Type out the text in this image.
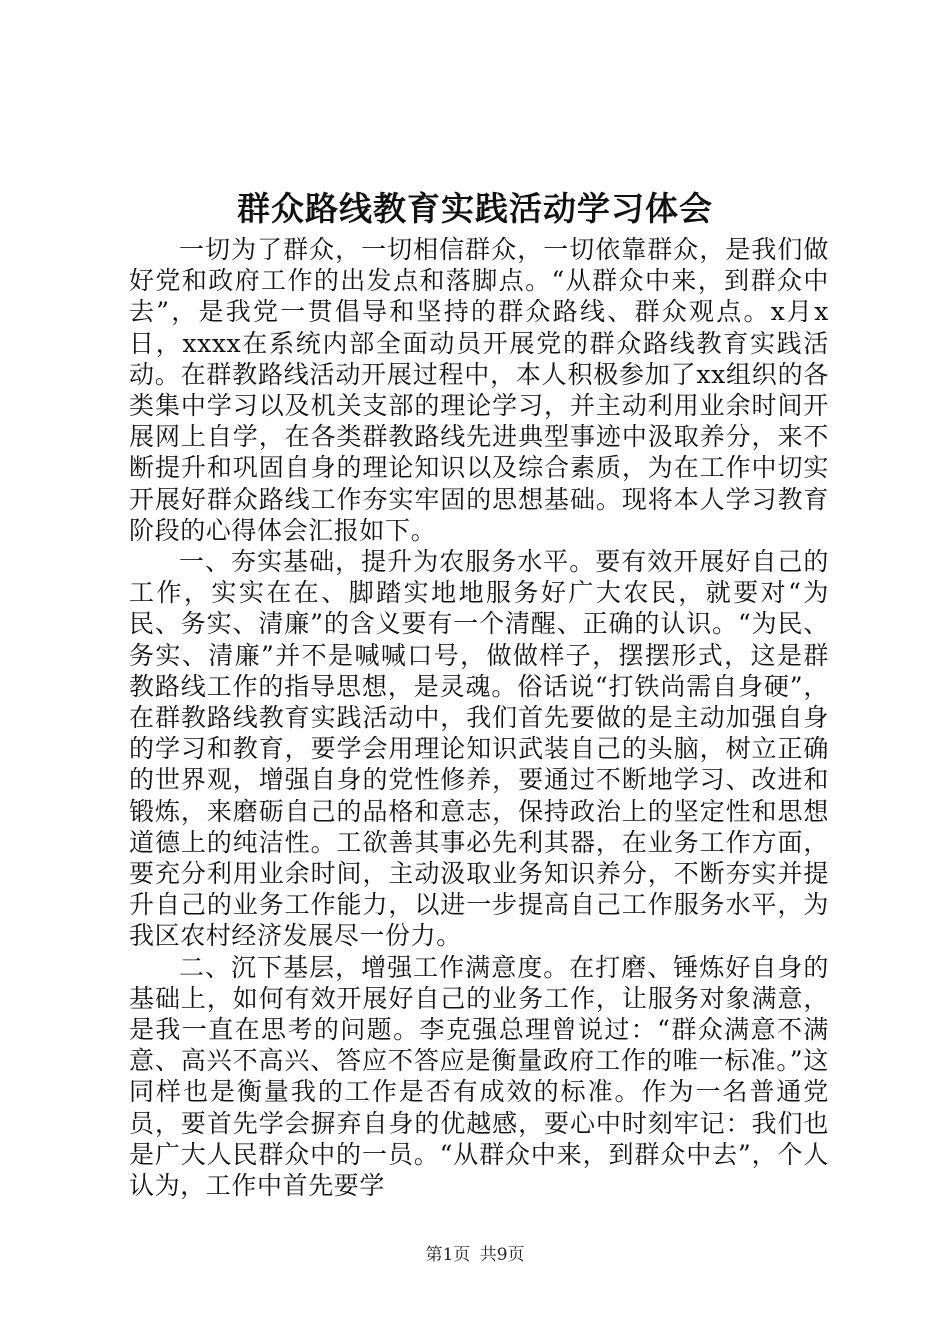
群众路线教育实践活动学习体会

一切为了群众，一切相信群众，一切依靠群众，是我们做好党和政府工作的出发点和落脚点。“从群众中来，到群众中去”，是我党一贯倡导和坚持的群众路线、群众观点。x月x日，xxxx在系统内部全面动员开展党的群众路线教育实践活动。在群教路线活动开展过程中，本人积极参加了xx组织的各类集中学习以及机关支部的理论学习，并主动利用业余时间开展网上自学，在各类群教路线先进典型事迹中汲取养分，来不断提升和巩固自身的理论知识以及综合素质，为在工作中切实开展好群众路线工作夯实牢固的思想基础。现将本人学习教育阶段的心得体会汇报如下。

一、夯实基础，提升为农服务水平。要有效开展好自己的工作，实实在在、脚踏实地地服务好广大农民，就要对“为民、务实、清廉”的含义要有一个清醒、正确的认识。“为民、务实、清廉”并不是喊喊口号，做做样子，摆摆形式，这是群教路线工作的指导思想，是灵魂。俗话说“打铁尚需自身硬”，在群教路线教育实践活动中，我们首先要做的是主动加强自身的学习和教育，要学会用理论知识武装自己的头脑，树立正确的世界观，增强自身的党性修养，要通过不断地学习、改进和锻炼，来磨砺自己的品格和意志，保持政治上的坚定性和思想道德上的纯洁性。工欲善其事必先利其器，在业务工作方面，要充分利用业余时间，主动汲取业务知识养分，不断夯实并提升自己的业务工作能力，以进一步提高自己工作服务水平，为我区农村经济发展尽一份力。

二、沉下基层，增强工作满意度。在打磨、锤炼好自身的基础上，如何有效开展好自己的业务工作，让服务对象满意，是我一直在思考的问题。李克强总理曾说过：“群众满意不满意、高兴不高兴、答应不答应是衡量政府工作的唯一标准。”这同样也是衡量我的工作是否有成效的标准。作为一名普通党员，要首先学会摒弃自身的优越感，要心中时刻牢记：我们也是广大人民群众中的一员。“从群众中来，到群众中去”，个人认为，工作中首先要学

第1页 共9页
